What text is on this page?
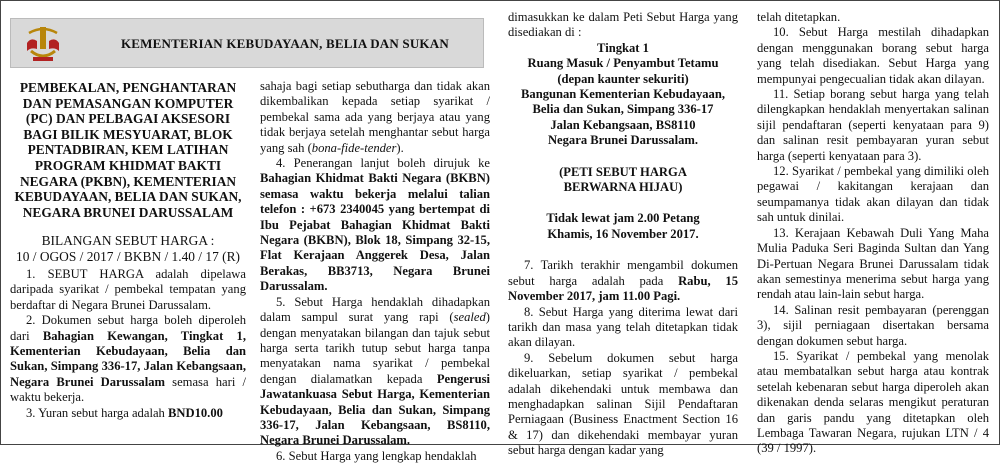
KEMENTERIAN KEBUDAYAAN, BELIA DAN SUKAN
PEMBEKALAN, PENGHANTARAN DAN PEMASANGAN KOMPUTER (PC) DAN PELBAGAI AKSESORI BAGI BILIK MESYUARAT, BLOK PENTADBIRAN, KEM LATIHAN PROGRAM KHIDMAT BAKTI NEGARA (PKBN), KEMENTERIAN KEBUDAYAAN, BELIA DAN SUKAN, NEGARA BRUNEI DARUSSALAM
BILANGAN SEBUT HARGA :
10 / OGOS / 2017 / BKBN / 1.40 / 17 (R)

1. SEBUT HARGA adalah dipelawa daripada syarikat / pembekal tempatan yang berdaftar di Negara Brunei Darussalam.

2. Dokumen sebut harga boleh diperoleh dari Bahagian Kewangan, Tingkat 1, Kementerian Kebudayaan, Belia dan Sukan, Simpang 336-17, Jalan Kebangsaan, Negara Brunei Darussalam semasa hari / waktu bekerja.

3. Yuran sebut harga adalah BND10.00

sahaja bagi setiap sebutharga dan tidak akan dikembalikan kepada setiap syarikat / pembekal sama ada yang berjaya atau yang tidak berjaya setelah menghantar sebut harga yang sah (bona-fide-tender).

4. Penerangan lanjut boleh dirujuk ke Bahagian Khidmat Bakti Negara (BKBN) semasa waktu bekerja melalui talian telefon : +673 2340045 yang bertempat di Ibu Pejabat Bahagian Khidmat Bakti Negara (BKBN), Blok 18, Simpang 32-15, Flat Kerajaan Anggerek Desa, Jalan Berakas, BB3713, Negara Brunei Darussalam.

5. Sebut Harga hendaklah dihadapkan dalam sampul surat yang rapi (sealed) dengan menyatakan bilangan dan tajuk sebut harga serta tarikh tutup sebut harga tanpa menyatakan nama syarikat / pembekal dengan dialamatkan kepada Pengerusi Jawatankuasa Sebut Harga, Kementerian Kebudayaan, Belia dan Sukan, Simpang 336-17, Jalan Kebangsaan, BS8110, Negara Brunei Darussalam.

6. Sebut Harga yang lengkap hendaklah

dimasukkan ke dalam Peti Sebut Harga yang disediakan di :

Tingkat 1
Ruang Masuk / Penyambut Tetamu
(depan kaunter sekuriti)
Bangunan Kementerian Kebudayaan,
Belia dan Sukan, Simpang 336-17
Jalan Kebangsaan, BS8110
Negara Brunei Darussalam.
(PETI SEBUT HARGA
BERWARNA HIJAU)
Tidak lewat jam 2.00 Petang
Khamis, 16 November 2017.

7. Tarikh terakhir mengambil dokumen sebut harga adalah pada Rabu, 15 November 2017, jam 11.00 Pagi.

8. Sebut Harga yang diterima lewat dari tarikh dan masa yang telah ditetapkan tidak akan dilayan.

9. Sebelum dokumen sebut harga dikeluarkan, setiap syarikat / pembekal adalah dikehendaki untuk membawa dan menghadapkan salinan Sijil Pendaftaran Perniagaan (Business Enactment Section 16 & 17) dan dikehendaki membayar yuran sebut harga dengan kadar yang

telah ditetapkan.

10. Sebut Harga mestilah dihadapkan dengan menggunakan borang sebut harga yang telah disediakan. Sebut Harga yang mempunyai pengecualian tidak akan dilayan.

11. Setiap borang sebut harga yang telah dilengkapkan hendaklah menyertakan salinan sijil pendaftaran (seperti kenyataan para 9) dan salinan resit pembayaran yuran sebut harga (seperti kenyataan para 3).

12. Syarikat / pembekal yang dimiliki oleh pegawai / kakitangan kerajaan dan seumpamanya tidak akan dilayan dan tidak sah untuk dinilai.

13. Kerajaan Kebawah Duli Yang Maha Mulia Paduka Seri Baginda Sultan dan Yang Di-Pertuan Negara Brunei Darussalam tidak akan semestinya menerima sebut harga yang rendah atau lain-lain sebut harga.

14. Salinan resit pembayaran (perenggan 3), sijil perniagaan disertakan bersama dengan dokumen sebut harga.

15. Syarikat / pembekal yang menolak atau membatalkan sebut harga atau kontrak setelah kebenaran sebut harga diperoleh akan dikenakan denda selaras mengikut peraturan dan garis pandu yang ditetapkan oleh Lembaga Tawaran Negara, rujukan LTN / 4 (39 / 1997).
